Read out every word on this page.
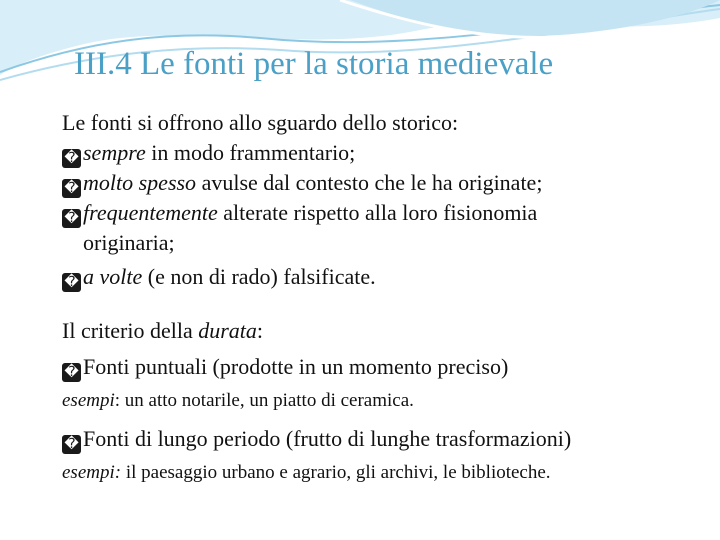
III.4 Le fonti per la storia medievale
Le fonti si offrono allo sguardo dello storico:
� sempre in modo frammentario;
� molto spesso avulse dal contesto che le ha originate;
� frequentemente alterate rispetto alla loro fisionomia
originaria;
� a volte (e non di rado) falsificate.
Il criterio della durata:
� Fonti puntuali (prodotte in un momento preciso)
esempi: un atto notarile, un piatto di ceramica.
� Fonti di lungo periodo (frutto di lunghe trasformazioni)
esempi: il paesaggio urbano e agrario, gli archivi, le biblioteche.
